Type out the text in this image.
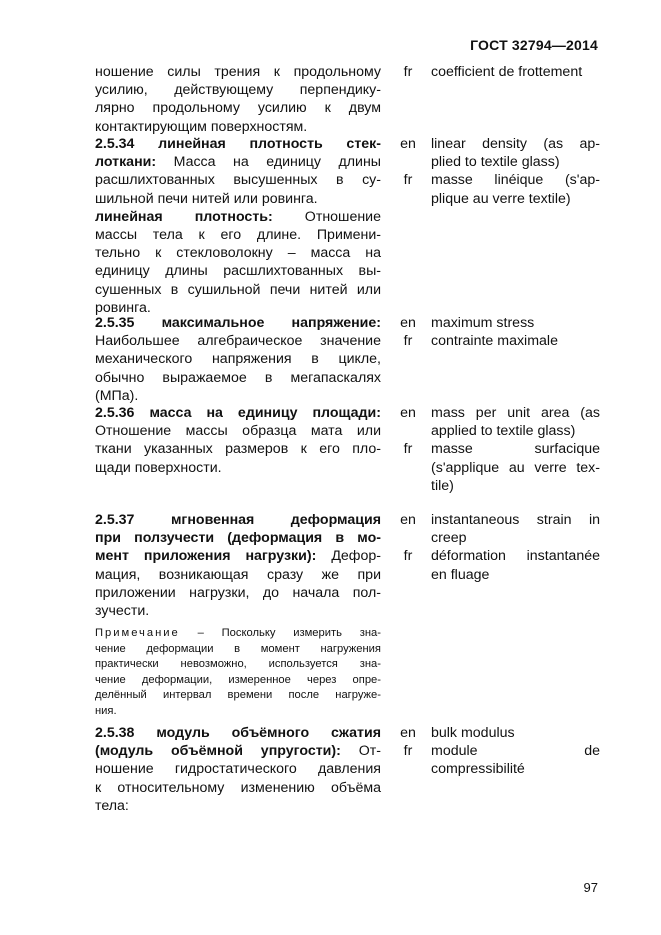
ГОСТ 32794—2014
ношение силы трения к продольному
усилию, действующему перпендику-
лярно продольному усилию к двум
контактирующим поверхностям.
fr	coefficient de frottement
2.5.34 линейная плотность стек-
лоткани: Масса на единицу длины
расшлихтованных высушенных в су-
шильной печи нитей или ровинга.
линейная плотность: Отношение
массы тела к его длине. Примени-
тельно к стекловолокну – масса на
единицу длины расшлихтованных вы-
сушенных в сушильной печи нитей или
ровинга.
en
fr
linear density (as ap-
plied to textile glass)
masse linéique (s'ap-
plique au verre textile)
2.5.35 максимальное напряжение:
Наибольшее алгебраическое значение
механического напряжения в цикле,
обычно выражаемое в мегапаскалях
(МПа).
en
fr
maximum stress
contrainte maximale
2.5.36 масса на единицу площади:
Отношение массы образца мата или
ткани указанных размеров к его пло-
щади поверхности.
en
fr
mass per unit area (as
applied to textile glass)
masse surfacique
(s'applique au verre tex-
tile)
2.5.37	мгновенная деформация
при ползучести (деформация в мо-
мент приложения нагрузки): Дефор-
мация, возникающая сразу же при
приложении нагрузки, до начала пол-
зучести.
Примечание – Поскольку измерить зна-
чение деформации в момент нагружения
практически невозможно, используется зна-
чение деформации, измеренное через опре-
делённый интервал времени после нагруже-
ния.
en
fr
instantaneous strain in
creep
déformation instantanée
en fluage
2.5.38 модуль объёмного сжатия
(модуль объёмной упругости): От-
ношение гидростатического давления
к относительному изменению объёма
тела:
en
fr
bulk modulus
module de
compressibilité
97
